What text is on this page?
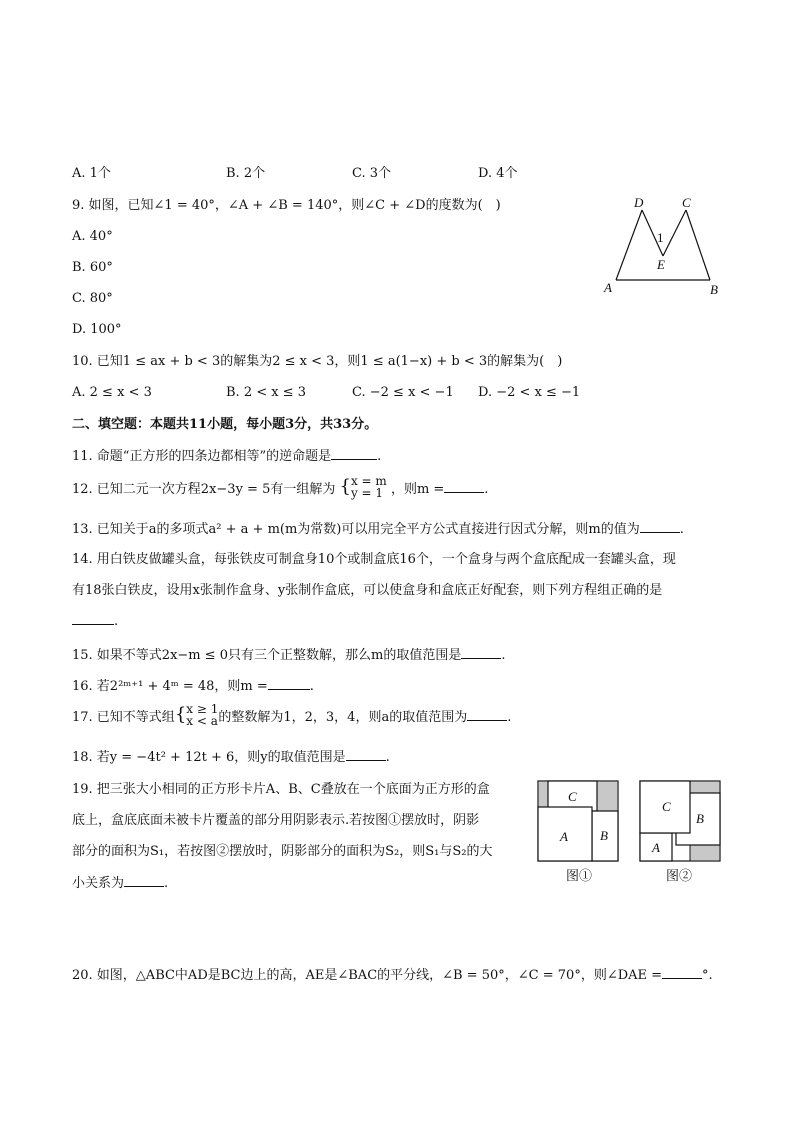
A. 1个	B. 2个	C. 3个	D. 4个
9. 如图，已知∠1 = 40°，∠A + ∠B = 140°，则∠C + ∠D的度数为(　)
A. 40°
B. 60°
C. 80°
D. 100°
D	C
1
E
A	B
10. 已知1 ≤ ax + b < 3的解集为2 ≤ x < 3，则1 ≤ a(1−x) + b < 3的解集为(　)
A. 2 ≤ x < 3	B. 2 < x ≤ 3	C. −2 ≤ x < −1 D. −2 < x ≤ −1
二、填空题：本题共11小题，每小题3分，共33分。
11. 命题“正方形的四条边都相等”的逆命题是	.
12. 已知二元一次方程2x−3y = 5有一组解为 { x = m
y = 1 ，则m =	.
13. 已知关于a的多项式a² + a + m(m为常数)可以用完全平方公式直接进行因式分解，则m的值为	.
14. 用白铁皮做罐头盒，每张铁皮可制盒身10个或制盒底16个，一个盒身与两个盒底配成一套罐头盒，现
有18张白铁皮，设用x张制作盒身、y张制作盒底，可以使盒身和盒底正好配套，则下列方程组正确的是
.
15. 如果不等式2x−m ≤ 0只有三个正整数解，那么m的取值范围是	.
16. 若2²ᵐ⁺¹ + 4ᵐ = 48，则m =	.
17. 已知不等式组{ x ≥ 1
x < a 的整数解为1，2，3，4，则a的取值范围为	.
18. 若y = −4t² + 12t + 6，则y的取值范围是	.
19. 把三张大小相同的正方形卡片A、B、C叠放在一个底面为正方形的盒
底上，盒底底面未被卡片覆盖的部分用阴影表示.若按图①摆放时，阴影
部分的面积为S₁，若按图②摆放时，阴影部分的面积为S₂，则S₁与S₂的大
小关系为	.
C
B
A
图①
C
B
A
图②
20. 如图，△ABC中AD是BC边上的高，AE是∠BAC的平分线，∠B = 50°，∠C = 70°，则∠DAE =	°.
